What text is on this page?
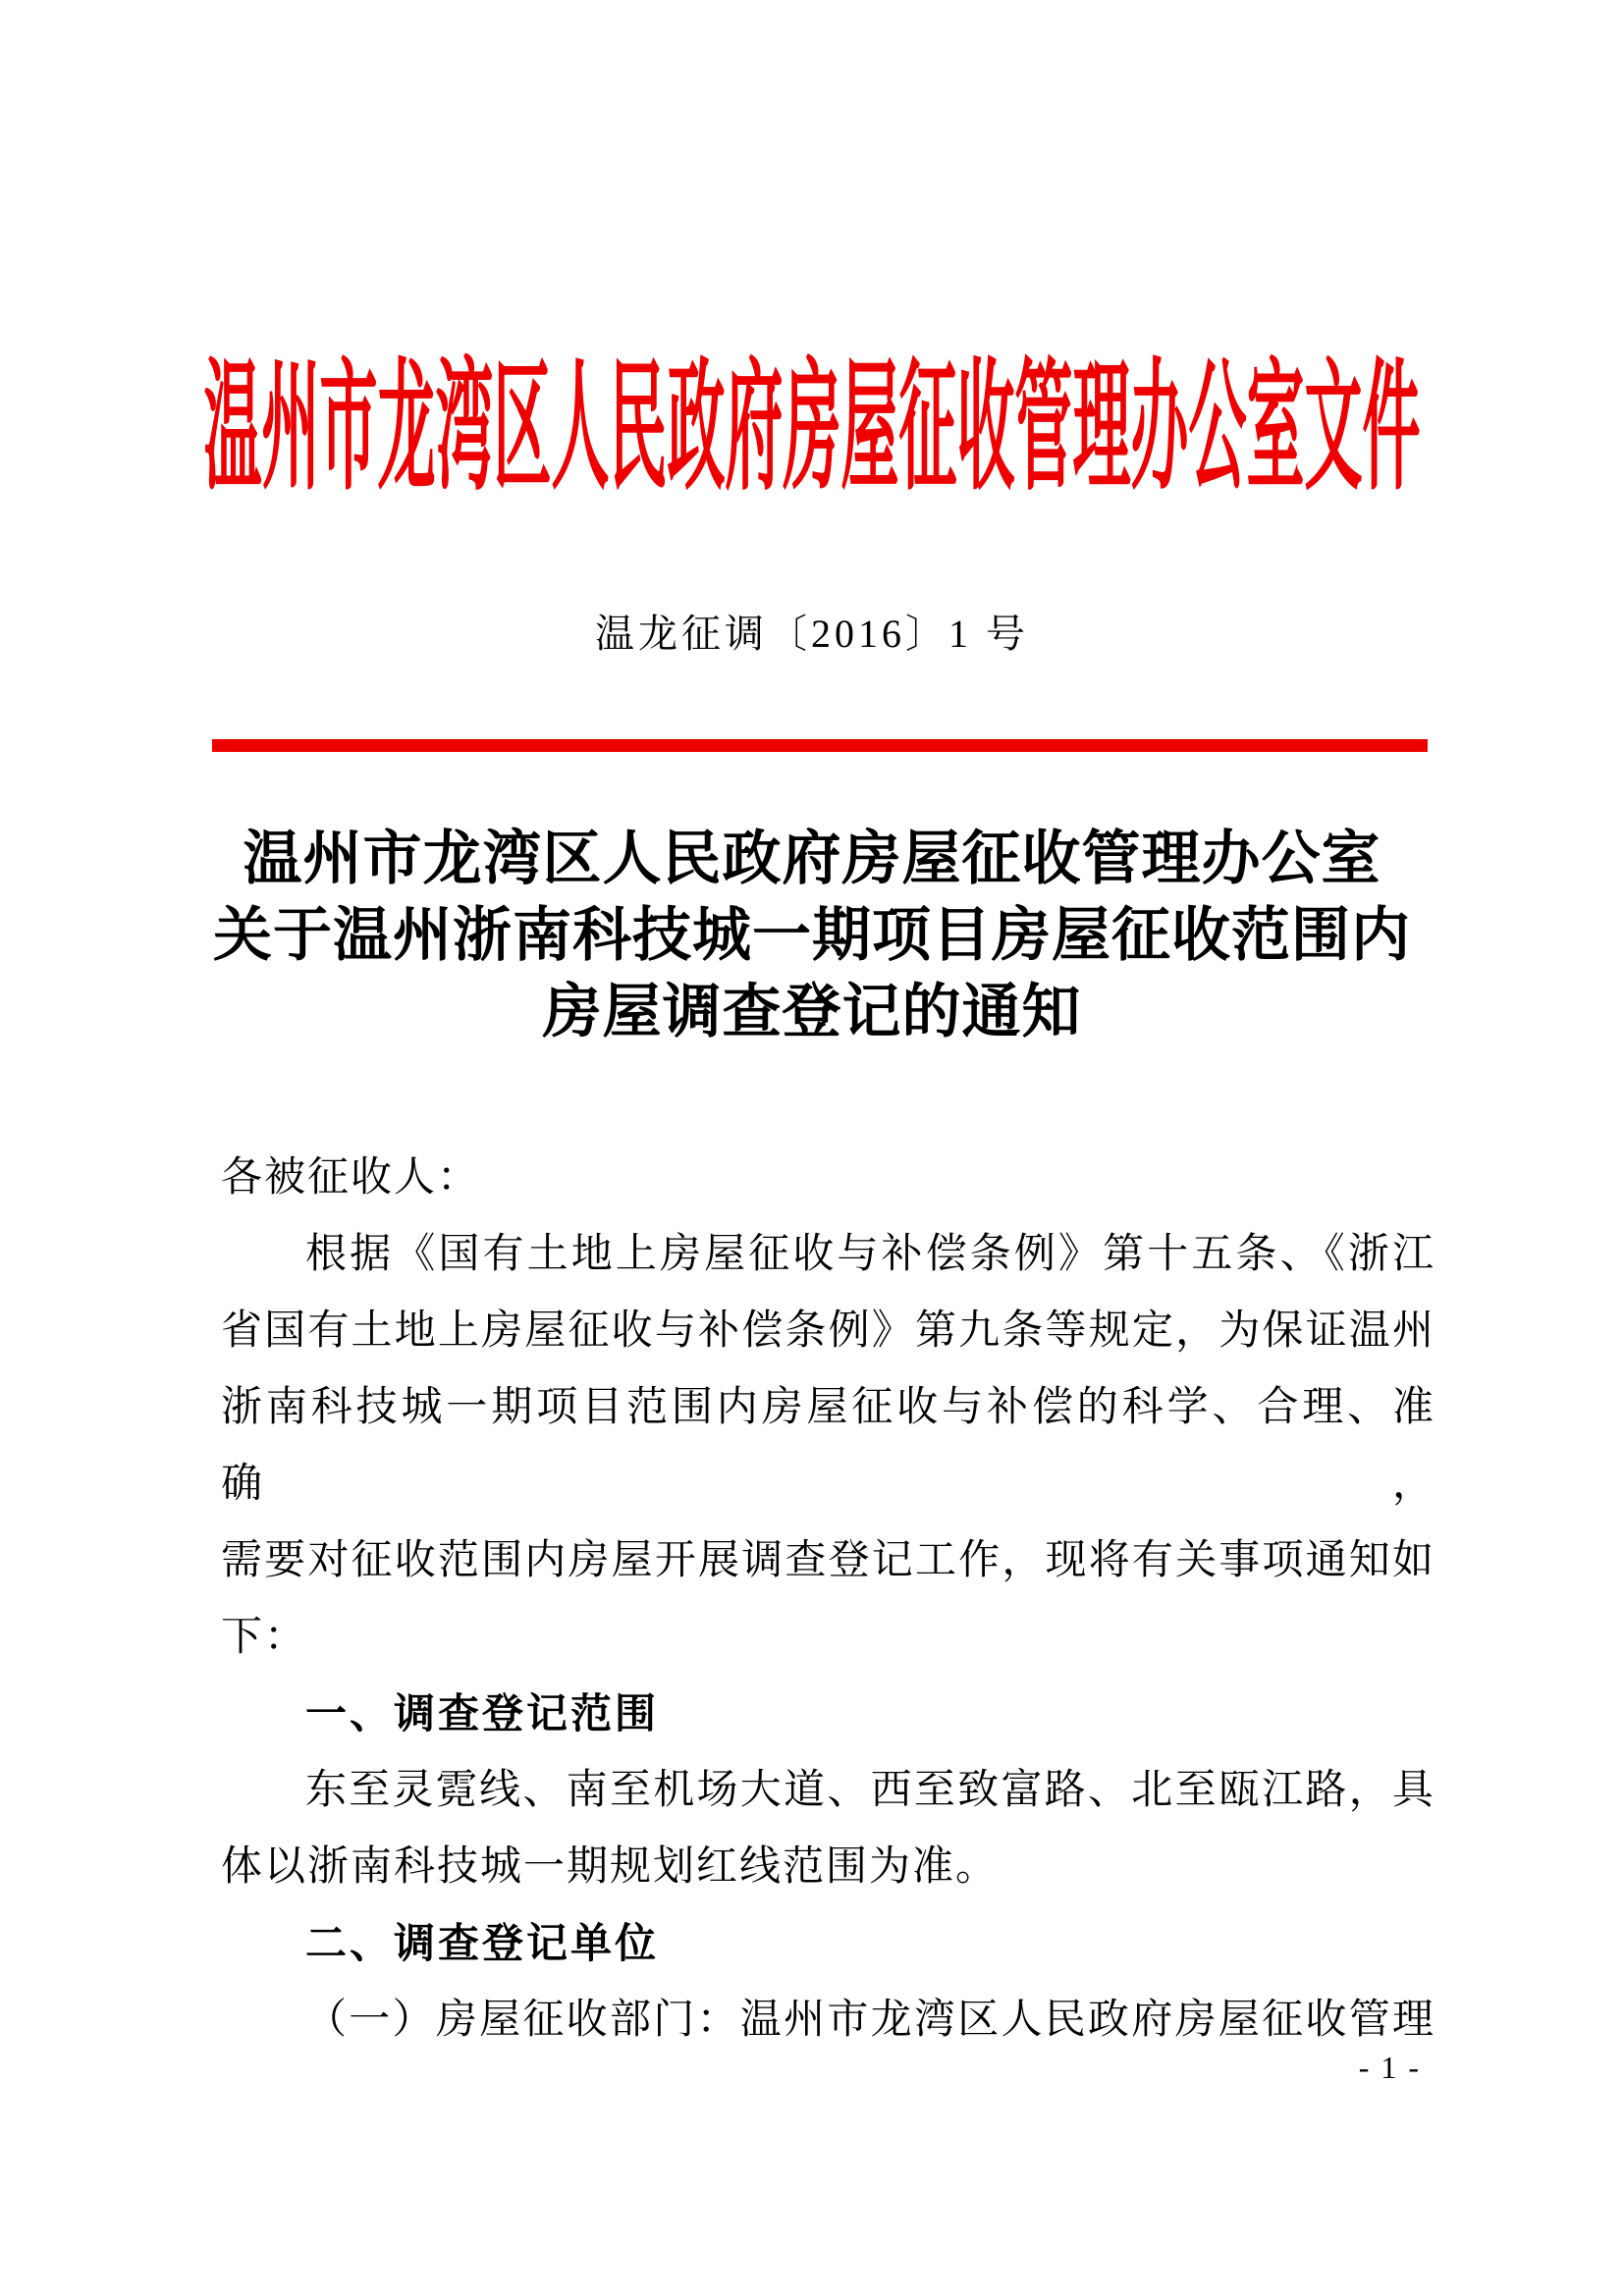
温州市龙湾区人民政府房屋征收管理办公室文件
温龙征调〔2016〕1 号
温州市龙湾区人民政府房屋征收管理办公室
关于温州浙南科技城一期项目房屋征收范围内
房屋调查登记的通知
各被征收人：
根据《国有土地上房屋征收与补偿条例》第十五条、《浙江
省国有土地上房屋征收与补偿条例》第九条等规定，为保证温州
浙南科技城一期项目范围内房屋征收与补偿的科学、合理、准确，
需要对征收范围内房屋开展调查登记工作，现将有关事项通知如
下：
一、调查登记范围
东至灵霓线、南至机场大道、西至致富路、北至瓯江路，具
体以浙南科技城一期规划红线范围为准。
二、调查登记单位
（一）房屋征收部门：温州市龙湾区人民政府房屋征收管理
- 1 -
